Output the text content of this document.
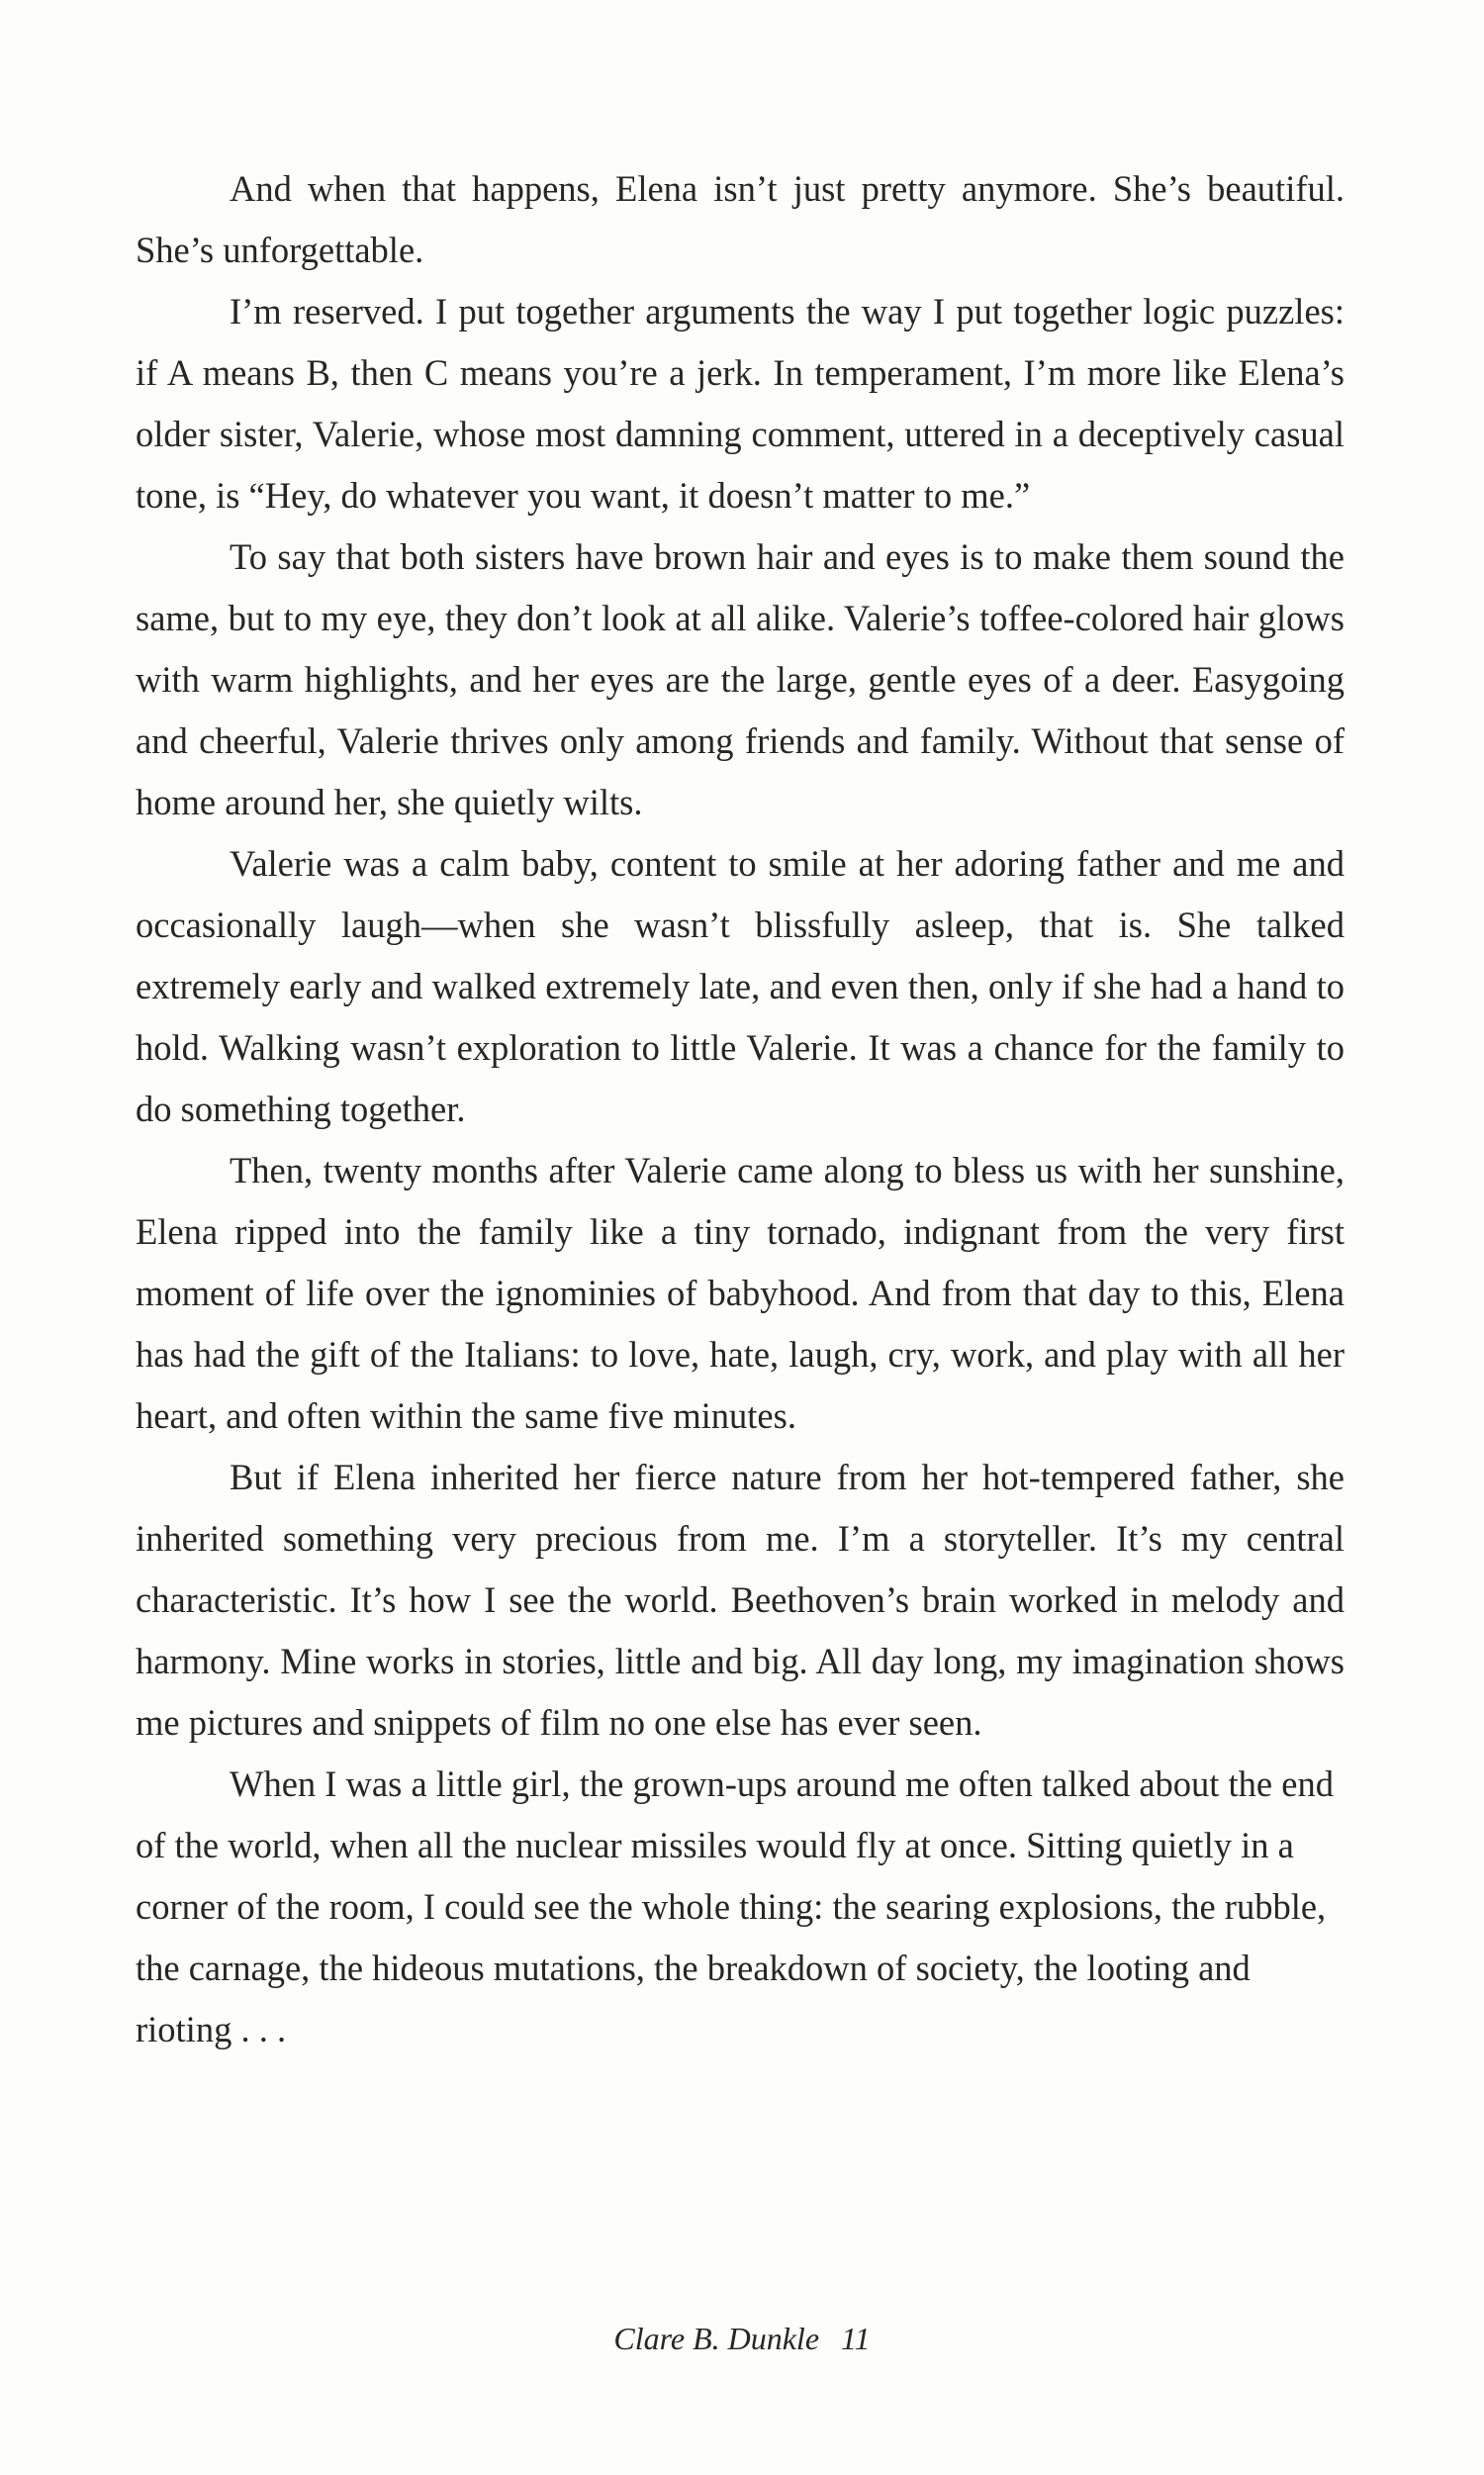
And when that happens, Elena isn’t just pretty anymore. She’s beautiful. She’s unforgettable.

I’m reserved. I put together arguments the way I put together logic puzzles: if A means B, then C means you’re a jerk. In temperament, I’m more like Elena’s older sister, Valerie, whose most damning comment, uttered in a deceptively casual tone, is “Hey, do whatever you want, it doesn’t matter to me.”

To say that both sisters have brown hair and eyes is to make them sound the same, but to my eye, they don’t look at all alike. Valerie’s toffee-colored hair glows with warm highlights, and her eyes are the large, gentle eyes of a deer. Easygoing and cheerful, Valerie thrives only among friends and family. Without that sense of home around her, she quietly wilts.

Valerie was a calm baby, content to smile at her adoring father and me and occasionally laugh—when she wasn’t blissfully asleep, that is. She talked extremely early and walked extremely late, and even then, only if she had a hand to hold. Walking wasn’t exploration to little Valerie. It was a chance for the family to do something together.

Then, twenty months after Valerie came along to bless us with her sunshine, Elena ripped into the family like a tiny tornado, indignant from the very first moment of life over the ignominies of babyhood. And from that day to this, Elena has had the gift of the Italians: to love, hate, laugh, cry, work, and play with all her heart, and often within the same five minutes.

But if Elena inherited her fierce nature from her hot-tempered father, she inherited something very precious from me. I’m a storyteller. It’s my central characteristic. It’s how I see the world. Beethoven’s brain worked in melody and harmony. Mine works in stories, little and big. All day long, my imagination shows me pictures and snippets of film no one else has ever seen.

When I was a little girl, the grown-ups around me often talked about the end of the world, when all the nuclear missiles would fly at once. Sitting quietly in a corner of the room, I could see the whole thing: the searing explosions, the rubble, the carnage, the hideous mutations, the breakdown of society, the looting and rioting . . .

Clare B. Dunkle 11
